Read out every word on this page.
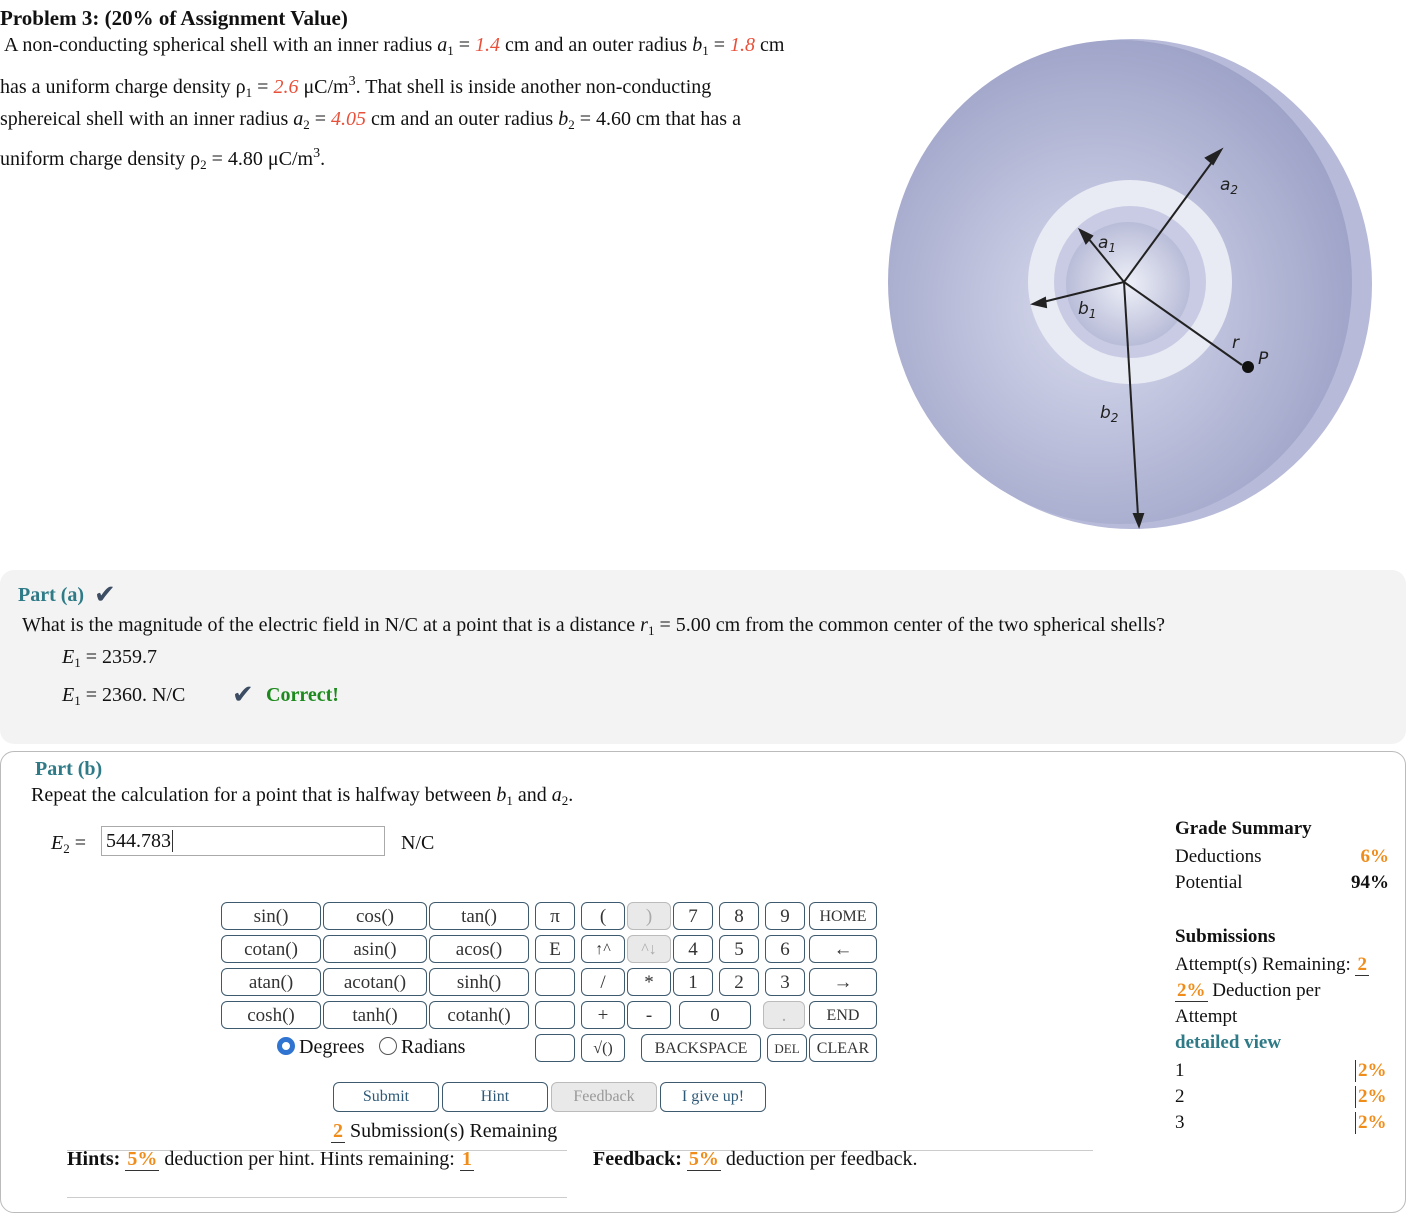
Problem 3: (20% of Assignment Value)
A non-conducting spherical shell with an inner radius $a_1 = 1.4$ cm and an outer radius $b_1 = 1.8$ cm
has a uniform charge density $\rho_1 = 2.6$ $\mu C/m^3$. That shell is inside another non-conducting
sphereical shell with an inner radius $a_2 = 4.05$ cm and an outer radius $b_2 = 4.60$ cm that has a
uniform charge density $\rho_2 = 4.80$ $\mu C/m^3$.
$a_2$
$a_1$
$b_1$
$b_2$
r
P
Part (a) ✔
What is the magnitude of the electric field in N/C at a point that is a distance $r_1 = 5.00$ cm from the common center of the two spherical shells?
$E_1 = 2359.7$
$E_1 = 2360$. N/C ✔ Correct!
Part (b)
Repeat the calculation for a point that is halfway between $b_1$ and $a_2$.
$E_2 = 544.783$	N/C
sin()	cos()	tan()
cotan()	asin()	acos()
atan()	acotan()	sinh()
cosh()	tanh()	cotanh()
π	(	)
E	↑^	^↓
/	*
+	-
√()
7	8	9
4	5	6
1	2	3
0	.
HOME
←
→
END
BACKSPACE	DEL	CLEAR
Degrees	Radians
Submit	Hint	Feedback	I give up!
2 Submission(s) Remaining
Hints: 5% deduction per hint. Hints remaining: 1	Feedback: 5% deduction per feedback.
Grade Summary
Deductions	6%
Potential	94%
Submissions
Attempt(s) Remaining: 2
2% Deduction per
Attempt
detailed view
1	2%
2	2%
3	2%
